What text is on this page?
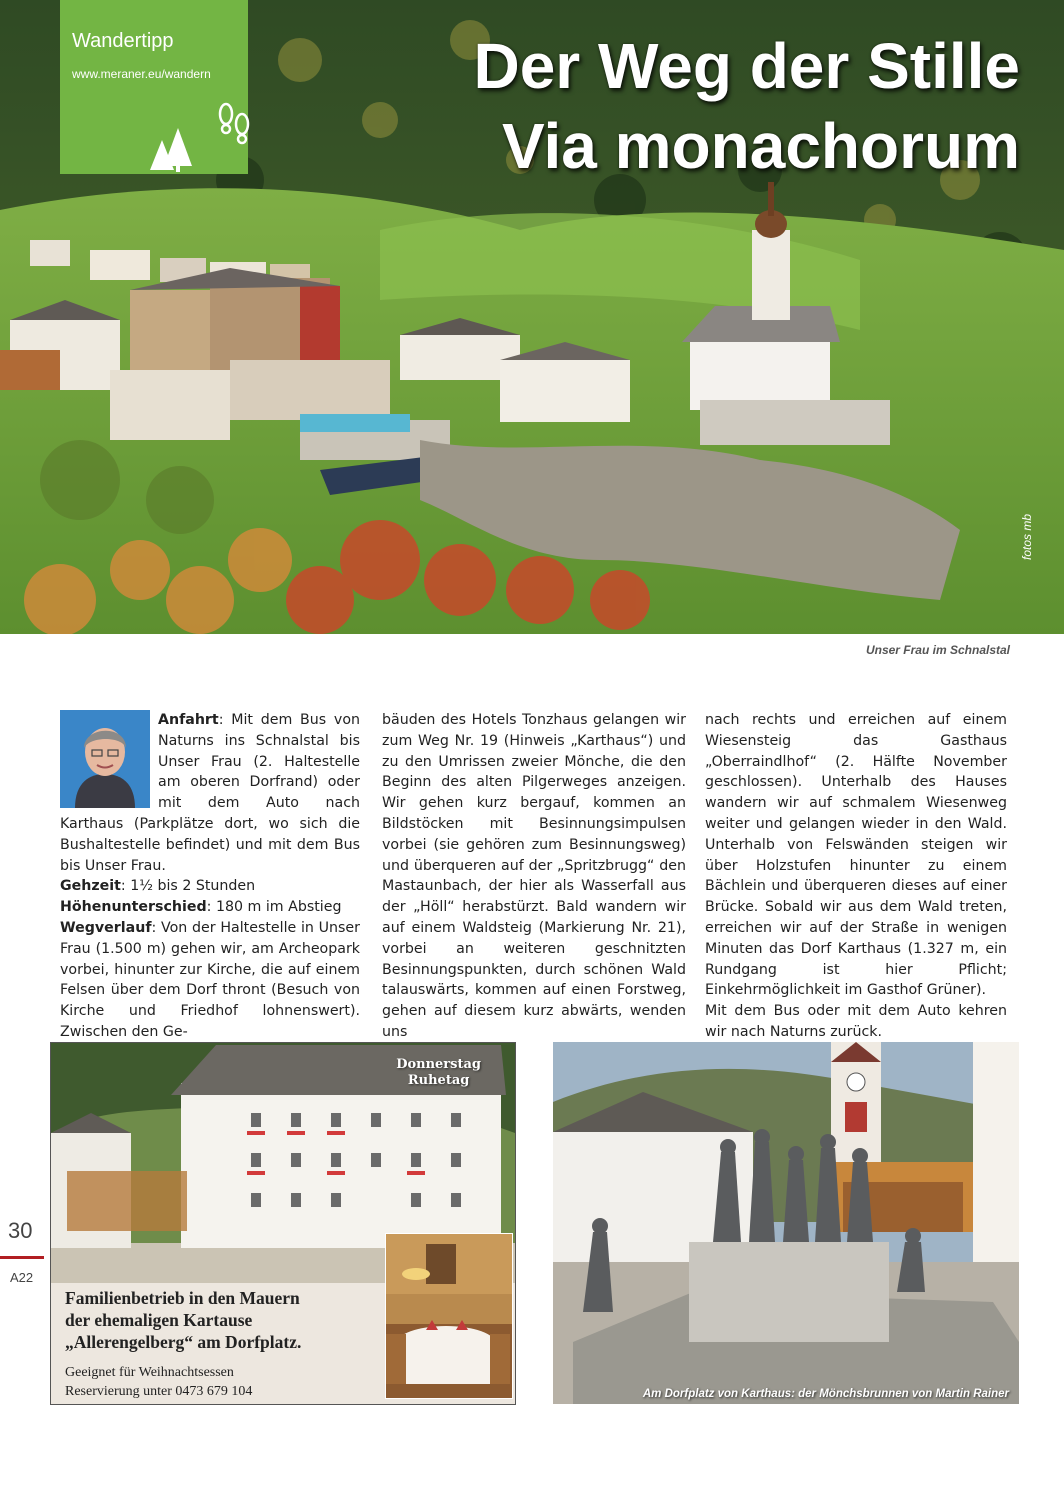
Wandertipp
www.meraner.eu/wandern	Der Weg der Stille
Via monachorum
fotos mb
Unser Frau im Schnalstal

Anfahrt: Mit dem Bus von Naturns ins Schnalstal bis Unser Frau (2. Haltestelle am oberen Dorfrand) oder mit dem Auto nach Karthaus (Parkplätze dort, wo sich die Bushaltestelle befindet) und mit dem Bus bis Unser Frau.

Gehzeit: 1½ bis 2 Stunden

Höhenunterschied: 180 m im Abstieg

Wegverlauf: Von der Haltestelle in Unser Frau (1.500 m) gehen wir, am Archeopark vorbei, hinunter zur Kirche, die auf einem Felsen über dem Dorf thront (Besuch von Kirche und Friedhof lohnenswert). Zwischen den Ge-

bäuden des Hotels Tonzhaus gelangen wir zum Weg Nr. 19 (Hinweis „Karthaus“) und zu den Umrissen zweier Mönche, die den Beginn des alten Pilgerweges anzeigen. Wir gehen kurz bergauf, kommen an Bildstöcken mit Besinnungsimpulsen vorbei (sie gehören zum Besinnungsweg) und überqueren auf der „Spritzbrugg“ den Mastaunbach, der hier als Wasserfall aus der „Höll“ herabstürzt. Bald wandern wir auf einem Waldsteig (Markierung Nr. 21), vorbei an weiteren geschnitzten Besinnungspunkten, durch schönen Wald talauswärts, kommen auf einen Forstweg, gehen auf diesem kurz abwärts, wenden uns

nach rechts und erreichen auf einem Wiesensteig das Gasthaus „Oberraindlhof“ (2. Hälfte November geschlossen). Unterhalb des Hauses wandern wir auf schmalem Wiesenweg weiter und gelangen wieder in den Wald. Unterhalb von Felswänden steigen wir über Holzstufen hinunter zu einem Bächlein und überqueren dieses auf einer Brücke. Sobald wir aus dem Wald treten, erreichen wir auf der Straße in wenigen Minuten das Dorf Karthaus (1.327 m, ein Rundgang ist hier Pflicht; Einkehrmöglichkeit im Gasthof Grüner).

Mit dem Bus oder mit dem Auto kehren wir nach Naturns zurück.

Donnerstag
Ruhetag
Familienbetrieb in den Mauern
der ehemaligen Kartause
„Allerengelberg“ am Dorfplatz.
Geeignet für Weihnachtsessen
Reservierung unter 0473 679 104	Am Dorfplatz von Karthaus: der Mönchsbrunnen von Martin Rainer
30
A22
